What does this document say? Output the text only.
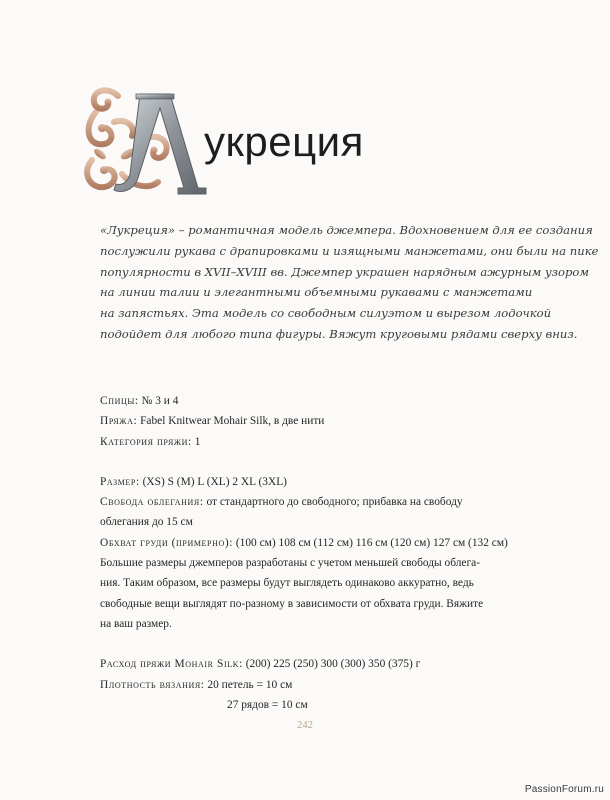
укреция
«Лукреция» – романтичная модель джемпера. Вдохновением для ее создания
послужили рукава с драпировками и изящными манжетами, они были на пике
популярности в XVII–XVIII вв. Джемпер украшен нарядным ажурным узором
на линии талии и элегантными объемными рукавами с манжетами
на запястьях. Эта модель со свободным силуэтом и вырезом лодочкой
подойдет для любого типа фигуры. Вяжут круговыми рядами сверху вниз.
Спицы: № 3 и 4
Пряжа: Fabel Knitwear Mohair Silk, в две нити
Категория пряжи: 1
Размер: (XS) S (M) L (XL) 2 XL (3XL)
Свобода облегания: от стандартного до свободного; прибавка на свободу
облегания до 15 см
Обхват груди (примерно): (100 см) 108 см (112 см) 116 см (120 см) 127 см (132 см)
Большие размеры джемперов разработаны с учетом меньшей свободы облега-
ния. Таким образом, все размеры будут выглядеть одинаково аккуратно, ведь
свободные вещи выглядят по-разному в зависимости от обхвата груди. Вяжите
на ваш размер.
Расход пряжи Mohair Silk: (200) 225 (250) 300 (300) 350 (375) г
Плотность вязания: 20 петель = 10 см
27 рядов = 10 см
242
PassionForum.ru
